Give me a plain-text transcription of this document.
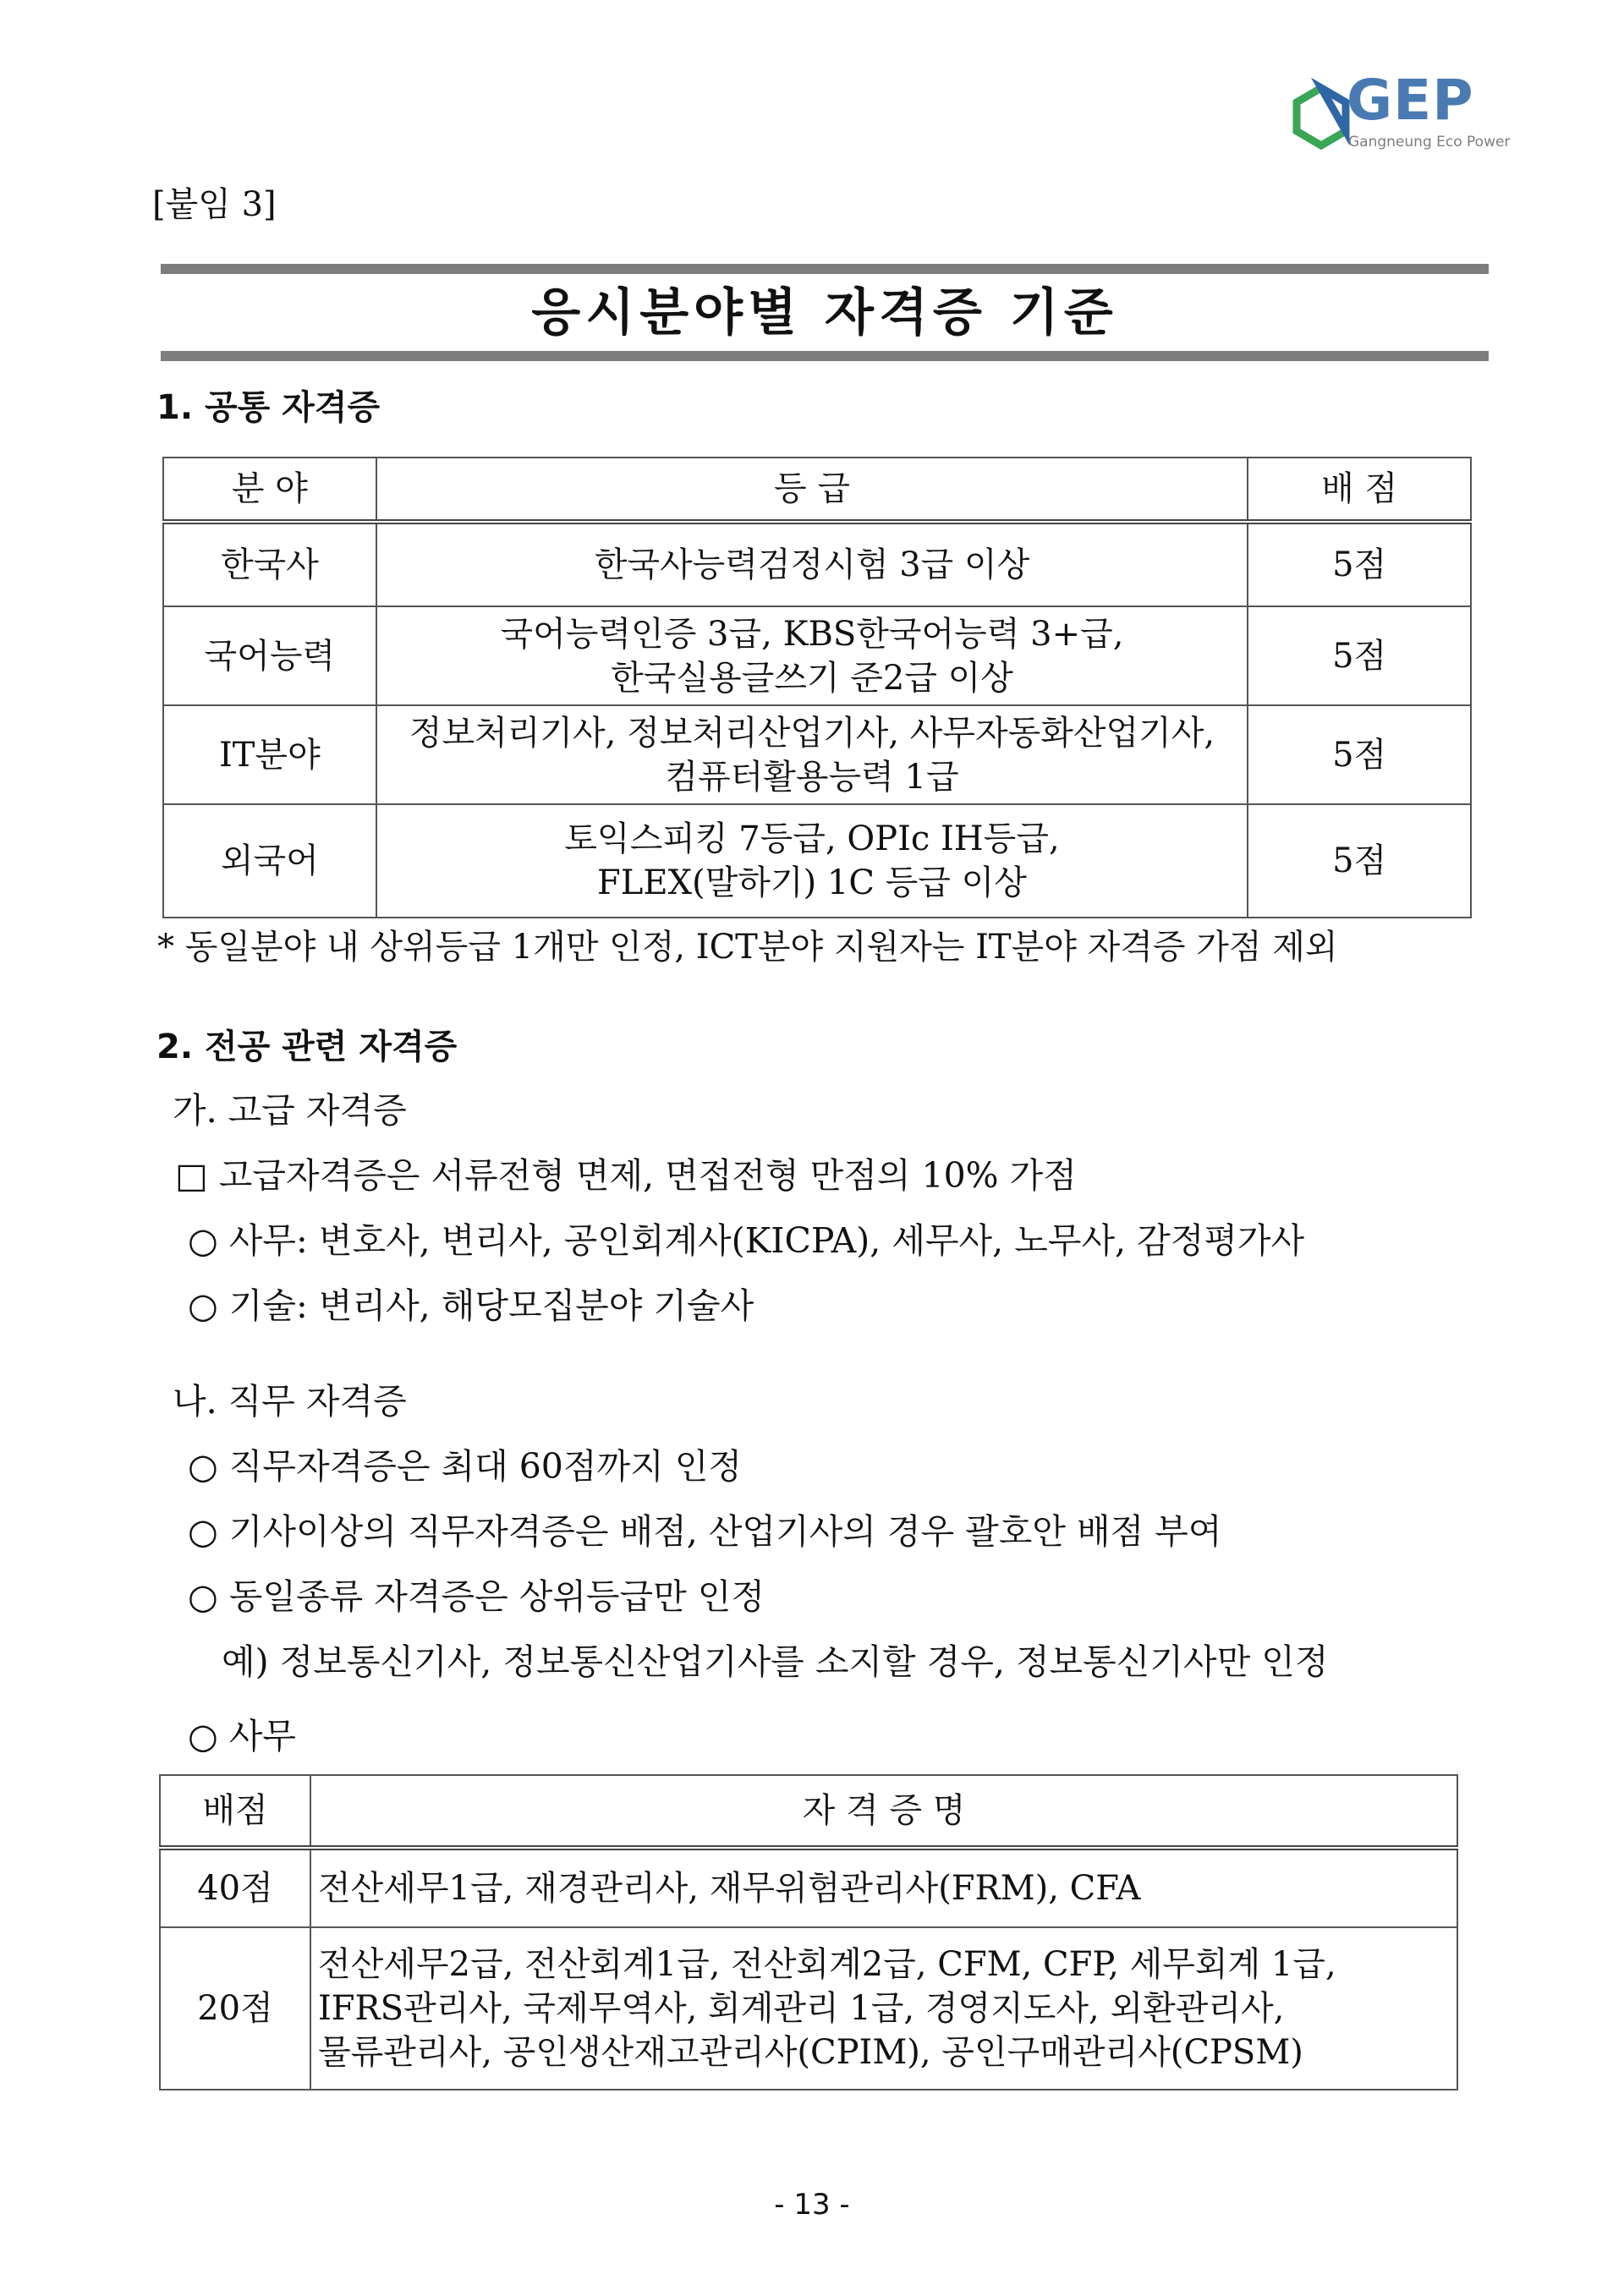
GEP
Gangneung Eco Power
[붙임 3]
응시분야별 자격증 기준
1. 공통 자격증
분 야	등 급	배 점
한국사	한국사능력검정시험 3급 이상	5점
국어능력	국어능력인증 3급, KBS한국어능력 3+급,
한국실용글쓰기 준2급 이상	5점
IT분야	정보처리기사, 정보처리산업기사, 사무자동화산업기사,
컴퓨터활용능력 1급	5점
외국어	토익스피킹 7등급, OPIc IH등급,
FLEX(말하기) 1C 등급 이상	5점
* 동일분야 내 상위등급 1개만 인정, ICT분야 지원자는 IT분야 자격증 가점 제외
2. 전공 관련 자격증
가. 고급 자격증
□ 고급자격증은 서류전형 면제, 면접전형 만점의 10% 가점
○ 사무: 변호사, 변리사, 공인회계사(KICPA), 세무사, 노무사, 감정평가사
○ 기술: 변리사, 해당모집분야 기술사
나. 직무 자격증
○ 직무자격증은 최대 60점까지 인정
○ 기사이상의 직무자격증은 배점, 산업기사의 경우 괄호안 배점 부여
○ 동일종류 자격증은 상위등급만 인정
예) 정보통신기사, 정보통신산업기사를 소지할 경우, 정보통신기사만 인정
○ 사무
배점	자 격 증 명
40점	전산세무1급, 재경관리사, 재무위험관리사(FRM), CFA

20점	전산세무2급, 전산회계1급, 전산회계2급, CFM, CFP, 세무회계 1급,
IFRS관리사, 국제무역사, 회계관리 1급, 경영지도사, 외환관리사,
물류관리사, 공인생산재고관리사(CPIM), 공인구매관리사(CPSM)
- 13 -
